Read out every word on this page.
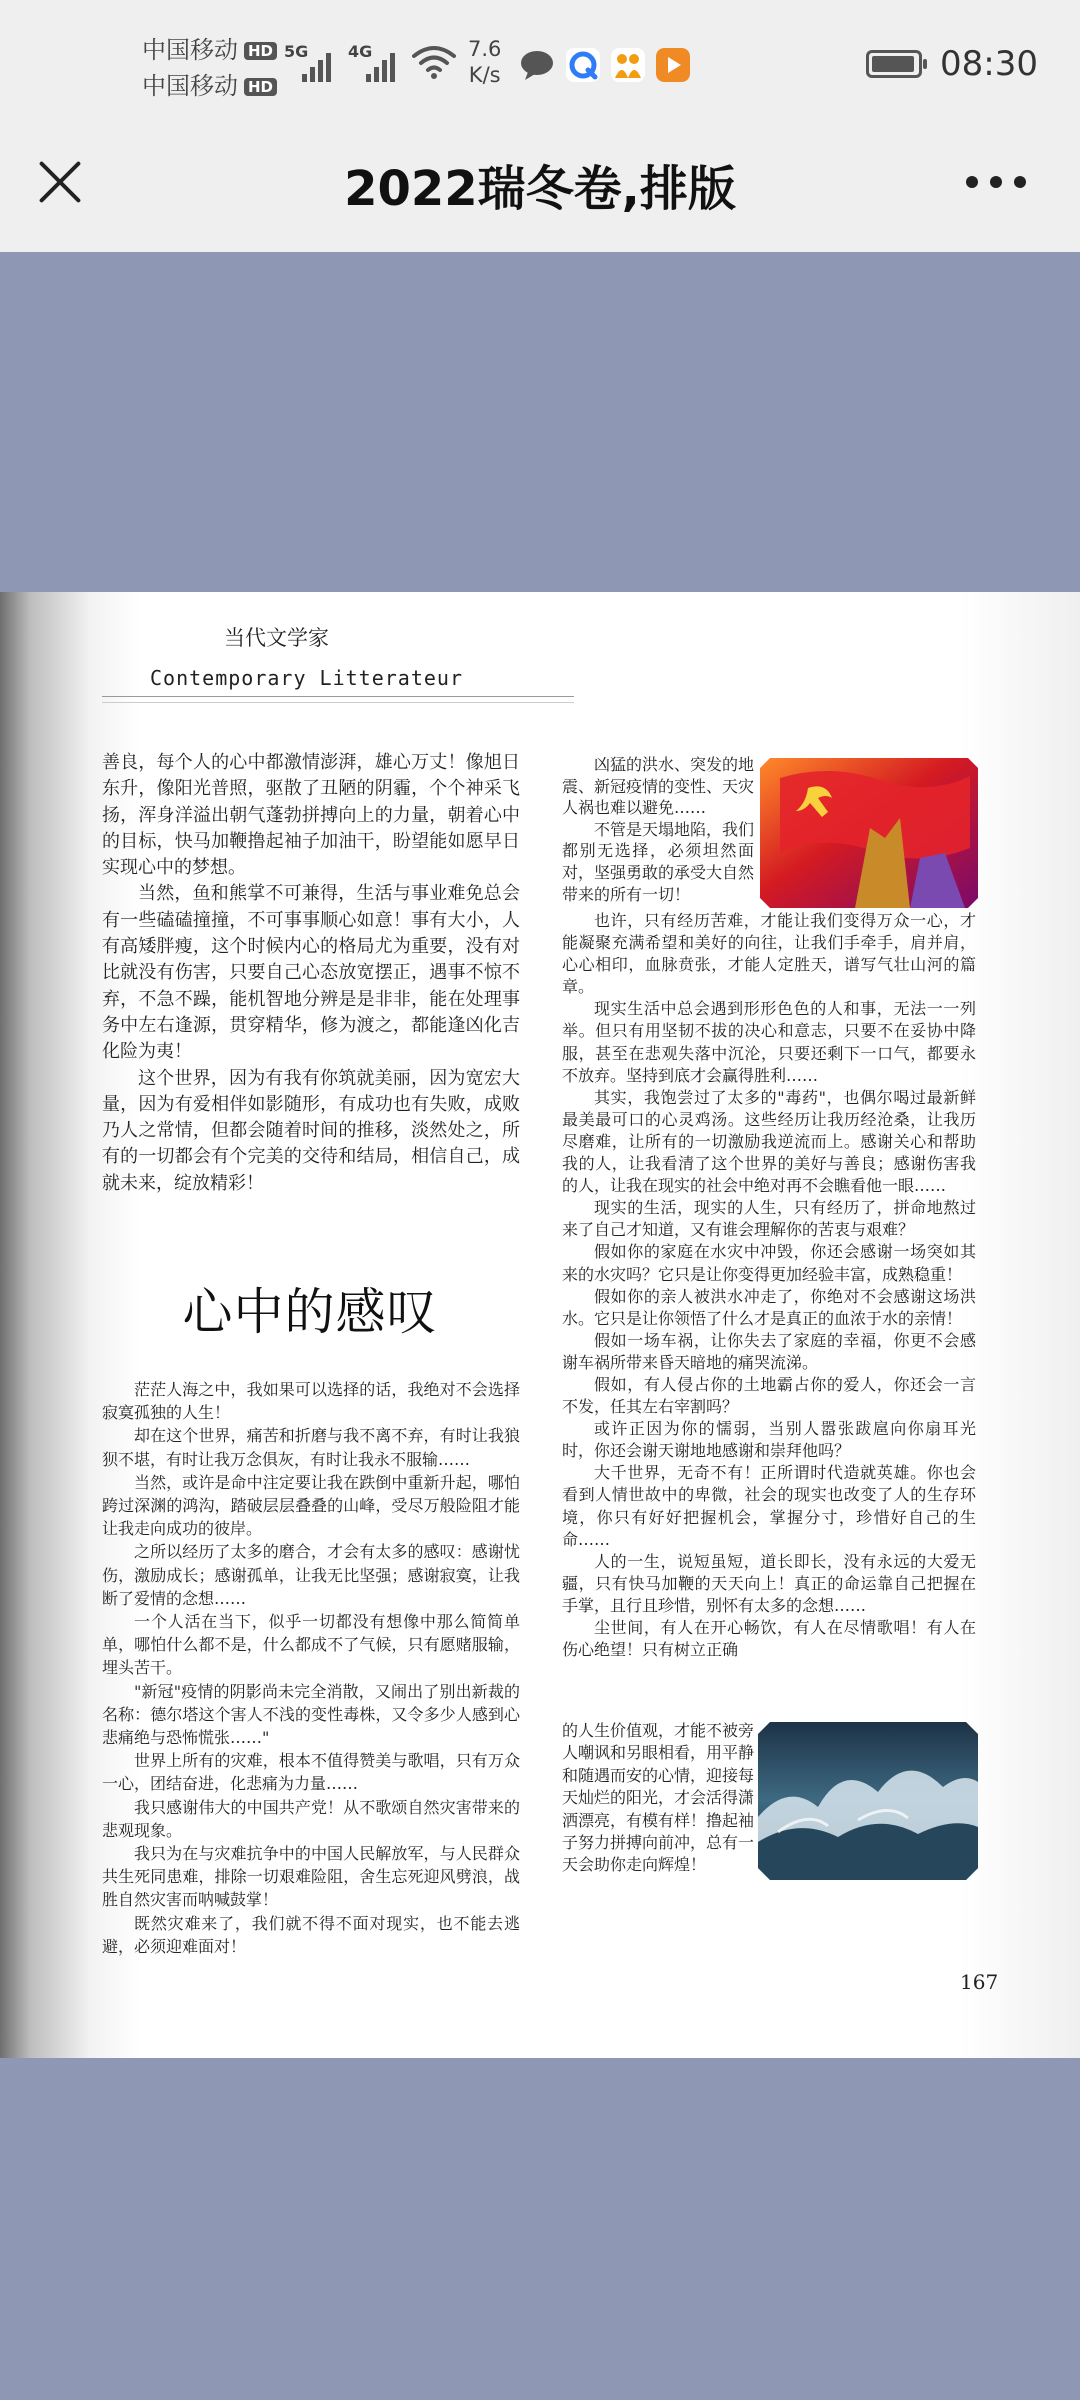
中国移动 HD
中国移动 HD
5G 4G	7.6
K/s	08:30
2022瑞冬卷,排版
当代文学家
Contemporary Litterateur

善良，每个人的心中都激情澎湃，雄心万丈！像旭日东升，像阳光普照，驱散了丑陋的阴霾，个个神采飞扬，浑身洋溢出朝气蓬勃拼搏向上的力量，朝着心中的目标，快马加鞭撸起袖子加油干，盼望能如愿早日实现心中的梦想。

当然，鱼和熊掌不可兼得，生活与事业难免总会有一些磕磕撞撞，不可事事顺心如意！事有大小，人有高矮胖瘦，这个时候内心的格局尤为重要，没有对比就没有伤害，只要自己心态放宽摆正，遇事不惊不弃，不急不躁，能机智地分辨是是非非，能在处理事务中左右逢源，贯穿精华，修为渡之，都能逢凶化吉化险为夷！

这个世界，因为有我有你筑就美丽，因为宽宏大量，因为有爱相伴如影随形，有成功也有失败，成败乃人之常情，但都会随着时间的推移，淡然处之，所有的一切都会有个完美的交待和结局，相信自己，成就未来，绽放精彩！

心中的感叹

茫茫人海之中，我如果可以选择的话，我绝对不会选择寂寞孤独的人生！

却在这个世界，痛苦和折磨与我不离不弃，有时让我狼狈不堪，有时让我万念俱灰，有时让我永不服输……

当然，或许是命中注定要让我在跌倒中重新升起，哪怕跨过深渊的鸿沟，踏破层层叠叠的山峰，受尽万般险阻才能让我走向成功的彼岸。

之所以经历了太多的磨合，才会有太多的感叹：感谢忧伤，激励成长；感谢孤单，让我无比坚强；感谢寂寞，让我断了爱情的念想……

一个人活在当下，似乎一切都没有想像中那么简简单单，哪怕什么都不是，什么都成不了气候，只有愿赌服输，埋头苦干。

"新冠"疫情的阴影尚未完全消散，又闹出了别出新裁的名称：德尔塔这个害人不浅的变性毒株，又令多少人感到心悲痛绝与恐怖慌张……"

世界上所有的灾难，根本不值得赞美与歌唱，只有万众一心，团结奋进，化悲痛为力量……

我只感谢伟大的中国共产党！从不歌颂自然灾害带来的悲观现象。

我只为在与灾难抗争中的中国人民解放军，与人民群众共生死同患难，排除一切艰难险阻，舍生忘死迎风劈浪，战胜自然灾害而呐喊鼓掌！

既然灾难来了，我们就不得不面对现实，也不能去逃避，必须迎难面对！

凶猛的洪水、突发的地震、新冠疫情的变性、天灾人祸也难以避免……

不管是天塌地陷，我们都别无选择，必须坦然面对，坚强勇敢的承受大自然带来的所有一切！

也许，只有经历苦难，才能让我们变得万众一心，才能凝聚充满希望和美好的向往，让我们手牵手，肩并肩，心心相印，血脉贲张，才能人定胜天，谱写气壮山河的篇章。

现实生活中总会遇到形形色色的人和事，无法一一列举。但只有用坚韧不拔的决心和意志，只要不在妥协中降服，甚至在悲观失落中沉沦，只要还剩下一口气，都要永不放弃。坚持到底才会赢得胜利……

其实，我饱尝过了太多的"毒药"，也偶尔喝过最新鲜最美最可口的心灵鸡汤。这些经历让我历经沧桑，让我历尽磨难，让所有的一切激励我逆流而上。感谢关心和帮助我的人，让我看清了这个世界的美好与善良；感谢伤害我的人，让我在现实的社会中绝对再不会瞧看他一眼……

现实的生活，现实的人生，只有经历了，拼命地熬过来了自己才知道，又有谁会理解你的苦衷与艰难？

假如你的家庭在水灾中冲毁，你还会感谢一场突如其来的水灾吗？它只是让你变得更加经验丰富，成熟稳重！

假如你的亲人被洪水冲走了，你绝对不会感谢这场洪水。它只是让你领悟了什么才是真正的血浓于水的亲情！

假如一场车祸，让你失去了家庭的幸福，你更不会感谢车祸所带来昏天暗地的痛哭流涕。

假如，有人侵占你的土地霸占你的爱人，你还会一言不发，任其左右宰割吗？

或许正因为你的懦弱，当别人嚣张跋扈向你扇耳光时，你还会谢天谢地地感谢和崇拜他吗？

大千世界，无奇不有！正所谓时代造就英雄。你也会看到人情世故中的卑微，社会的现实也改变了人的生存环境，你只有好好把握机会，掌握分寸，珍惜好自己的生命……

人的一生，说短虽短，道长即长，没有永远的大爱无疆，只有快马加鞭的天天向上！真正的命运靠自己把握在手掌，且行且珍惜，别怀有太多的念想……

尘世间，有人在开心畅饮，有人在尽情歌唱！有人在伤心绝望！只有树立正确

的人生价值观，才能不被旁人嘲讽和另眼相看，用平静和随遇而安的心情，迎接每天灿烂的阳光，才会活得潇洒漂亮，有模有样！撸起袖子努力拼搏向前冲，总有一天会助你走向辉煌！

167
